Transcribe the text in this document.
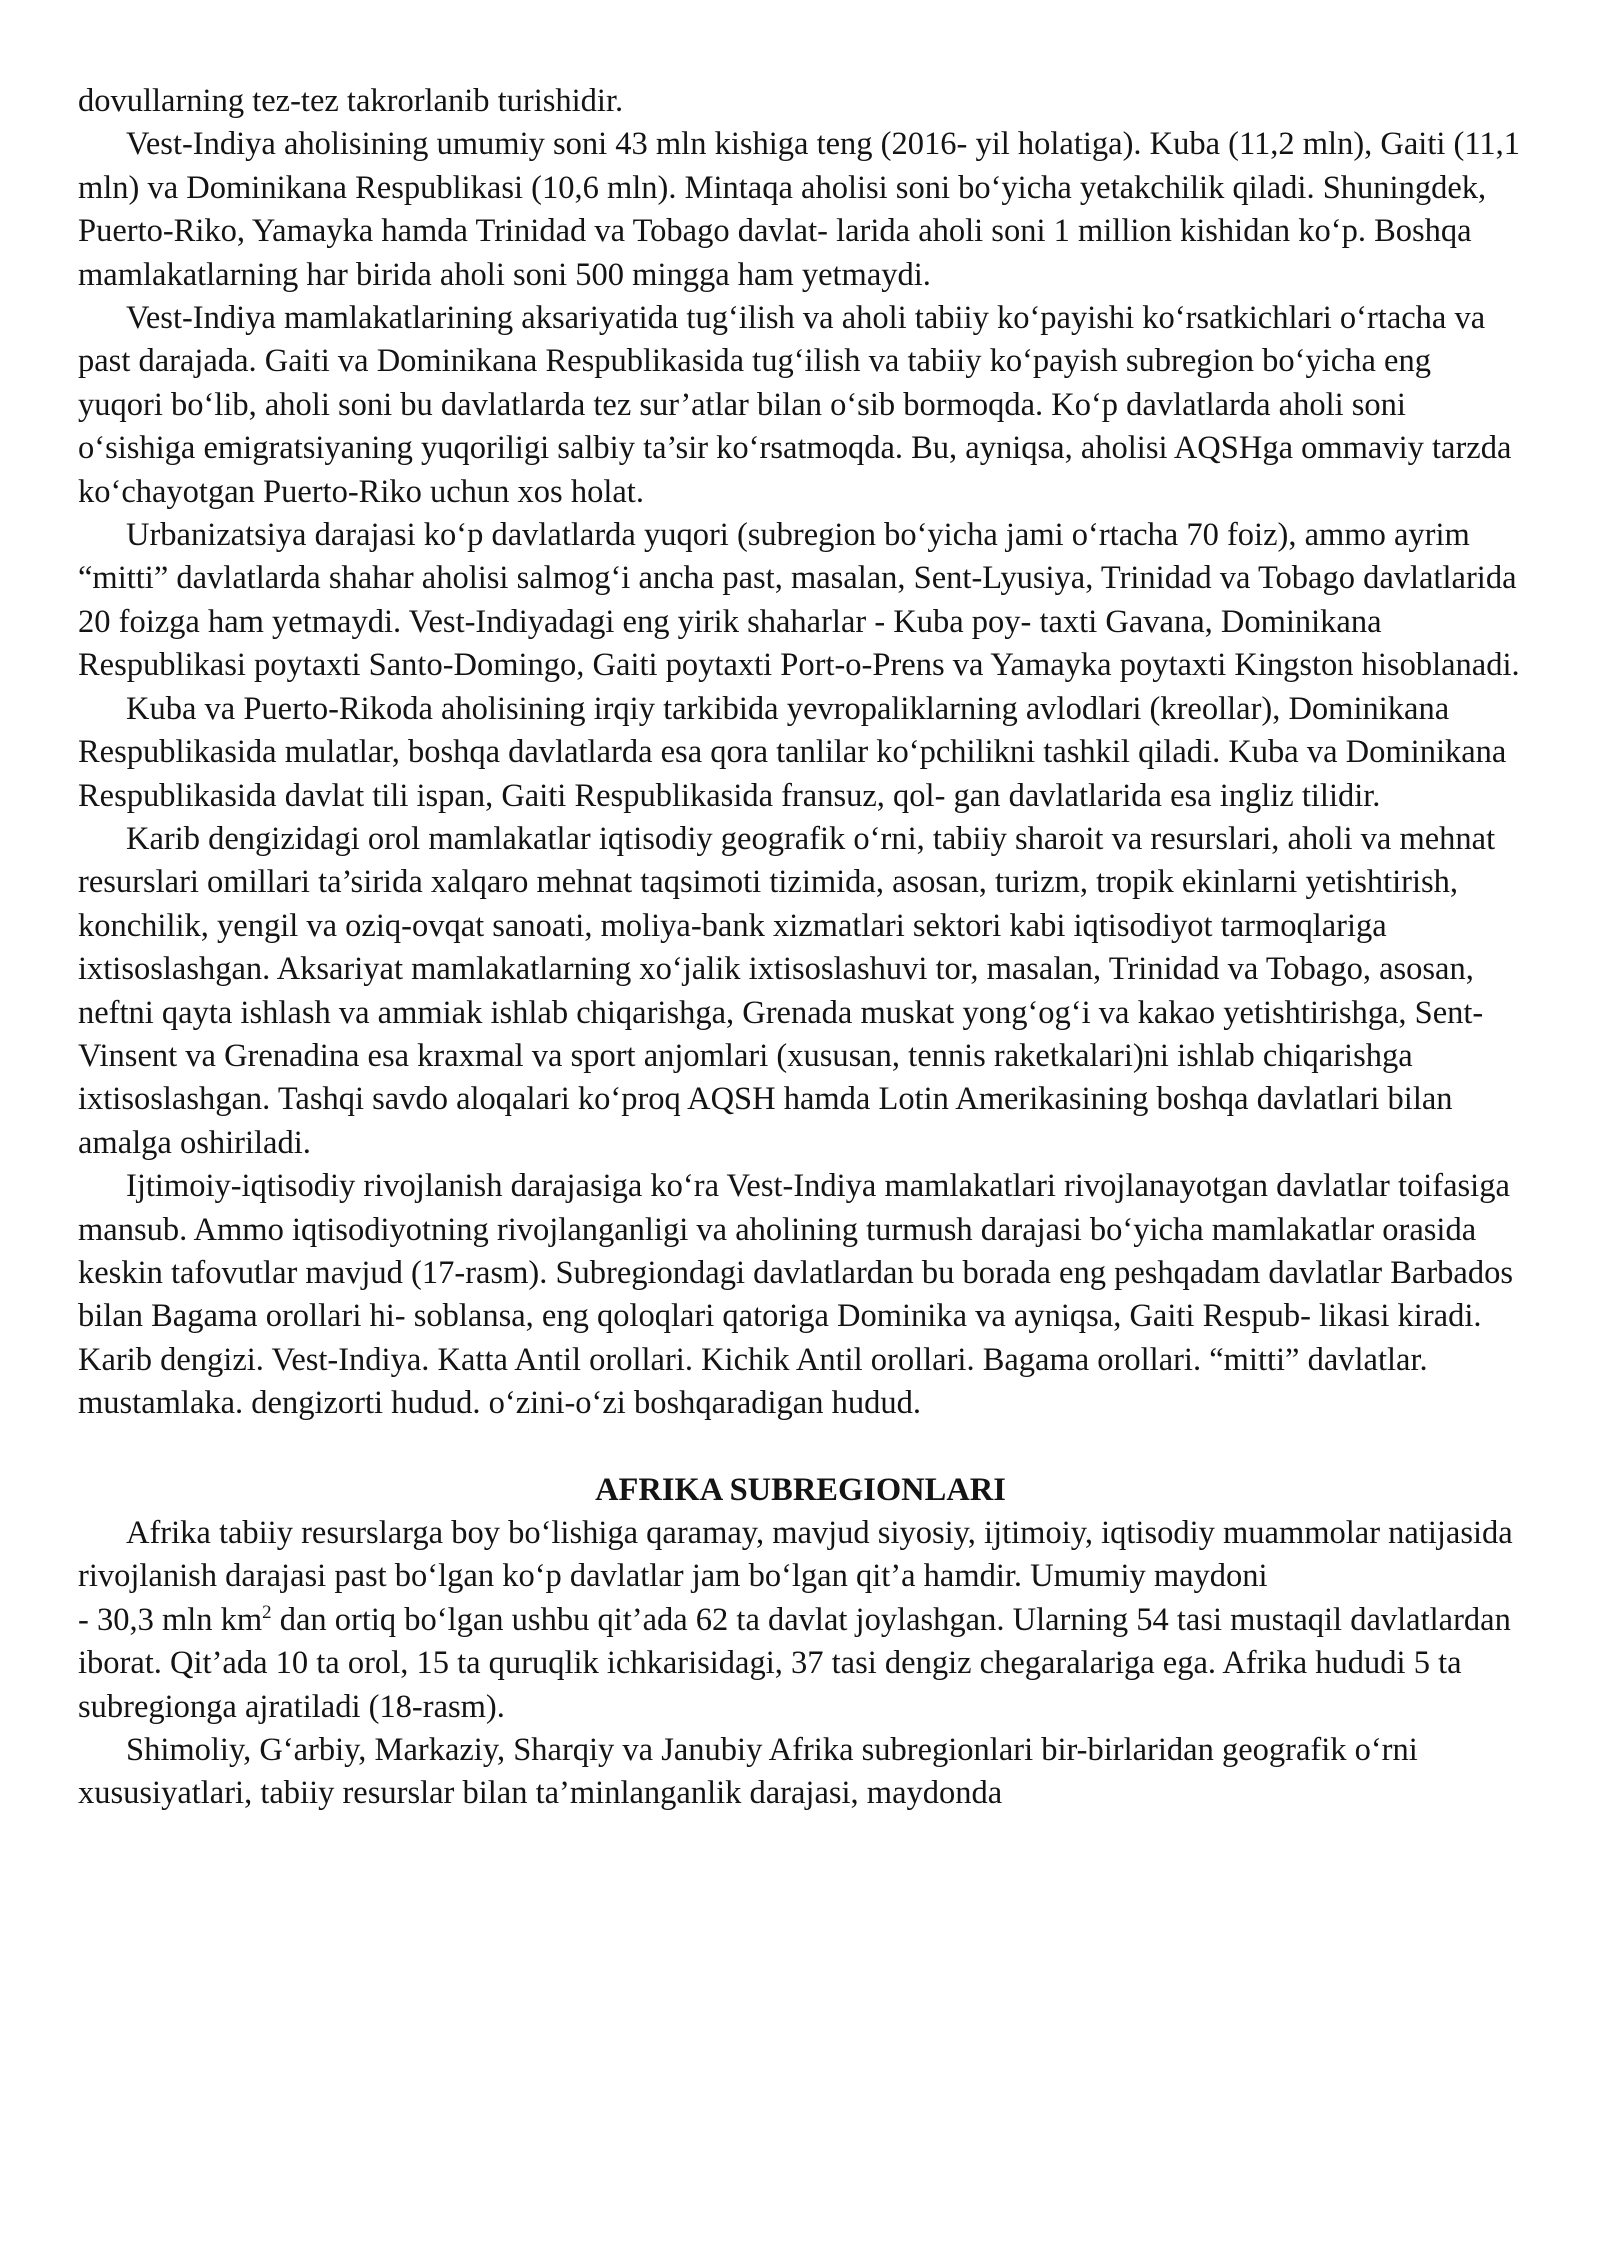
dovullarning tez-tez takrorlanib turishidir.

Vest-Indiya aholisining umumiy soni 43 mln kishiga teng (2016- yil holatiga). Kuba (11,2 mln), Gaiti (11,1 mln) va Dominikana Respublikasi (10,6 mln). Mintaqa aholisi soni bo‘yicha yetakchilik qiladi. Shuningdek, Puerto-Riko, Yamayka hamda Trinidad va Tobago davlat- larida aholi soni 1 million kishidan ko‘p. Boshqa mamlakatlarning har birida aholi soni 500 mingga ham yetmaydi.

Vest-Indiya mamlakatlarining aksariyatida tug‘ilish va aholi tabiiy ko‘payishi ko‘rsatkichlari o‘rtacha va past darajada. Gaiti va Dominikana Respublikasida tug‘ilish va tabiiy ko‘payish subregion bo‘yicha eng yuqori bo‘lib, aholi soni bu davlatlarda tez sur’atlar bilan o‘sib bormoqda. Ko‘p davlatlarda aholi soni o‘sishiga emigratsiyaning yuqoriligi salbiy ta’sir ko‘rsatmoqda. Bu, ayniqsa, aholisi AQSHga ommaviy tarzda ko‘chayotgan Puerto-Riko uchun xos holat.

Urbanizatsiya darajasi ko‘p davlatlarda yuqori (subregion bo‘yicha jami o‘rtacha 70 foiz), ammo ayrim “mitti” davlatlarda shahar aholisi salmog‘i ancha past, masalan, Sent-Lyusiya, Trinidad va Tobago davlatlarida 20 foizga ham yetmaydi. Vest-Indiyadagi eng yirik shaharlar - Kuba poy- taxti Gavana, Dominikana Respublikasi poytaxti Santo-Domingo, Gaiti poytaxti Port-o-Prens va Yamayka poytaxti Kingston hisoblanadi.

Kuba va Puerto-Rikoda aholisining irqiy tarkibida yevropaliklarning avlodlari (kreollar), Dominikana Respublikasida mulatlar, boshqa davlatlarda esa qora tanlilar ko‘pchilikni tashkil qiladi. Kuba va Dominikana Respublikasida davlat tili ispan, Gaiti Respublikasida fransuz, qol- gan davlatlarida esa ingliz tilidir.

Karib dengizidagi orol mamlakatlar iqtisodiy geografik o‘rni, tabiiy sharoit va resurslari, aholi va mehnat resurslari omillari ta’sirida xalqaro mehnat taqsimoti tizimida, asosan, turizm, tropik ekinlarni yetishtirish,

konchilik, yengil va oziq-ovqat sanoati, moliya-bank xizmatlari sektori kabi iqtisodiyot tarmoqlariga ixtisoslashgan. Aksariyat mamlakatlarning xo‘jalik ixtisoslashuvi tor, masalan, Trinidad va Tobago, asosan, neftni qayta ishlash va ammiak ishlab chiqarishga, Grenada muskat yong‘og‘i va kakao yetishtirishga, Sent-Vinsent va Grenadina esa kraxmal va sport anjomlari (xususan, tennis raketkalari)ni ishlab chiqarishga ixtisoslashgan. Tashqi savdo aloqalari ko‘proq AQSH hamda Lotin Amerikasining boshqa davlatlari bilan amalga oshiriladi.

Ijtimoiy-iqtisodiy rivojlanish darajasiga ko‘ra Vest-Indiya mamlakatlari rivojlanayotgan davlatlar toifasiga mansub. Ammo iqtisodiyotning rivojlanganligi va aholining turmush darajasi bo‘yicha mamlakatlar orasida keskin tafovutlar mavjud (17-rasm). Subregiondagi davlatlardan bu borada eng peshqadam davlatlar Barbados bilan Bagama orollari hi- soblansa, eng qoloqlari qatoriga Dominika va ayniqsa, Gaiti Respub- likasi kiradi.

Karib dengizi. Vest-Indiya. Katta Antil orollari. Kichik Antil orollari. Bagama orollari. “mitti” davlatlar. mustamlaka. dengizorti hudud. o‘zini-o‘zi boshqaradigan hudud.

AFRIKA SUBREGIONLARI

Afrika tabiiy resurslarga boy bo‘lishiga qaramay, mavjud siyosiy, ijtimoiy, iqtisodiy muammolar natijasida rivojlanish darajasi past bo‘lgan ko‘p davlatlar jam bo‘lgan qit’a hamdir. Umumiy maydoni

- 30,3 mln $km^2$ dan ortiq bo‘lgan ushbu qit’ada 62 ta davlat joylashgan. Ularning 54 tasi mustaqil davlatlardan iborat. Qit’ada 10 ta orol, 15 ta quruqlik ichkarisidagi, 37 tasi dengiz chegaralariga ega. Afrika hududi 5 ta subregionga ajratiladi (18-rasm).

Shimoliy, G‘arbiy, Markaziy, Sharqiy va Janubiy Afrika subregionlari bir-birlaridan geografik o‘rni xususiyatlari, tabiiy resurslar bilan ta’minlanganlik darajasi, maydonda
